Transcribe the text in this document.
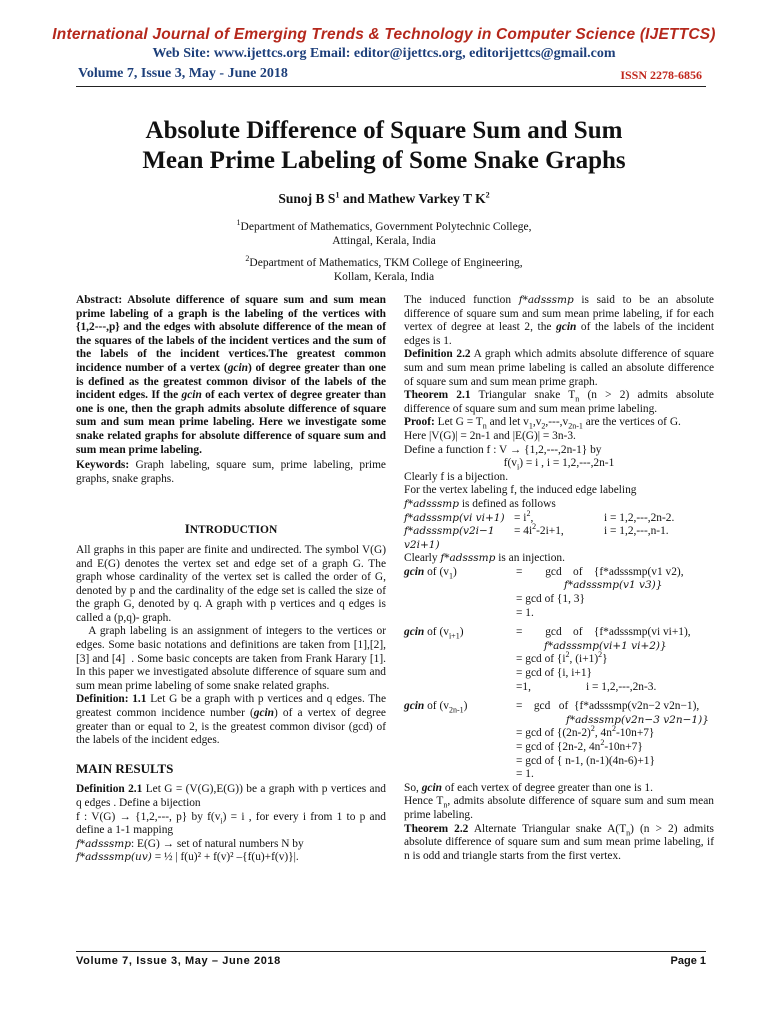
International Journal of Emerging Trends & Technology in Computer Science (IJETTCS)
Web Site: www.ijettcs.org Email: editor@ijettcs.org, editorijettcs@gmail.com
Volume 7, Issue 3, May - June 2018	ISSN 2278-6856
Absolute Difference of Square Sum and Sum
Mean Prime Labeling of Some Snake Graphs
Sunoj B $S^1$ and Mathew Varkey T $K^2$
$^1$Department of Mathematics, Government Polytechnic College,
Attingal, Kerala, India
$^2$Department of Mathematics, TKM College of Engineering,
Kollam, Kerala, India

Abstract: Absolute difference of square sum and sum mean prime labeling of a graph is the labeling of the vertices with {1,2---,p} and the edges with absolute difference of the mean of the squares of the labels of the incident vertices and the sum of the labels of the incident vertices.The greatest common incidence number of a vertex (gcin) of degree greater than one is defined as the greatest common divisor of the labels of the incident edges. If the gcin of each vertex of degree greater than one is one, then the graph admits absolute difference of square sum and sum mean prime labeling. Here we investigate some snake related graphs for absolute difference of square sum and sum mean prime labeling.

Keywords: Graph labeling, square sum, prime labeling, prime graphs, snake graphs.

INTRODUCTION

All graphs in this paper are finite and undirected. The symbol V(G) and E(G) denotes the vertex set and edge set of a graph G. The graph whose cardinality of the vertex set is called the order of G, denoted by p and the cardinality of the edge set is called the size of the graph G, denoted by q. A graph with p vertices and q edges is called a (p,q)- graph.

A graph labeling is an assignment of integers to the vertices or edges. Some basic notations and definitions are taken from [1],[2],[3] and [4]  . Some basic concepts are taken from Frank Harary [1]. In this paper we investigated absolute difference of square sum and sum mean prime labeling of some snake related graphs.

Definition: 1.1 Let G be a graph with p vertices and q edges. The greatest common incidence number (gcin) of a vertex of degree greater than or equal to 2, is the greatest common divisor (gcd) of the labels of the incident edges.

MAIN RESULTS

Definition 2.1 Let G = (V(G),E(G)) be a graph with p vertices and q edges . Define a bijection

f : V(G) → {1,2,---, p} by $f(v_i) = i$ , for every i from 1 to p and define a 1-1 mapping

f*adsssmp : E(G) → set of natural numbers N by

f*adsssmp(uv) = ½ | f(u)² + f(v)² –{f(u)+f(v)}|.

The induced function f*adsssmp is said to be an absolute difference of square sum and sum mean prime labeling, if for each vertex of degree at least 2, the gcin of the labels of the incident edges is 1.

Definition 2.2 A graph which admits absolute difference of square sum and sum mean prime labeling is called an absolute difference of square sum and sum mean prime graph.

Theorem 2.1 Triangular snake $T_n$ (n > 2) admits absolute difference of square sum and sum mean prime labeling.

Proof: Let $G = T_n$ and let $v_1,v_2,---,v_{2n-1}$ are the vertices of G.

Here |V(G)| = 2n-1 and |E(G)| = 3n-3.

Define a function f : V → {1,2,---,2n-1} by

$f(v_i) = i$ , i = 1,2,---,2n-1

Clearly f is a bijection.

For the vertex labeling f, the induced edge labeling

f*adsssmp is defined as follows

f*adsssmp(vi $vi+1) = i^2$,	i = 1,2,---,2n-2.
f*adsssmp(v2i−1 v2i+1)
= $4i^2-2i+1$,	i = 1,2,---,n-1.

Clearly f*adsssmp is an injection.

gcin of $(v_1)$	=        gcd    of    {f*adsssmp(v1 v2),

f*adsssmp(v1 v3)}

= gcd of {1, 3}

= 1.

gcin of $(v_{i+1})$	=        gcd    of    {f*adsssmp(vi vi+1),

f*adsssmp(vi+1 vi+2)}

= gcd of {$i^2$, $(i+1)^2$}

= gcd of {i, i+1}

=1,	i = 1,2,---,2n-3.

gcin of $(v_{2n-1})$	=    gcd   of  {f*adsssmp(v2n−2 v2n−1),

f*adsssmp(v2n−3 v2n−1)}

= gcd of {$(2n-2)^2$, $4n^2-10n+7$}

= gcd of {2n-2, $4n^2-10n+7$}

= gcd of { n-1, (n-1)(4n-6)+1}

= 1.

So, gcin of each vertex of degree greater than one is 1.

Hence $T_n$, admits absolute difference of square sum and sum mean prime labeling.

Theorem 2.2 Alternate Triangular snake $A(T_n) (n > 2)$ admits absolute difference of square sum and sum mean prime labeling, if n is odd and triangle starts from the first vertex.

Volume 7, Issue 3, May – June 2018	Page 1
